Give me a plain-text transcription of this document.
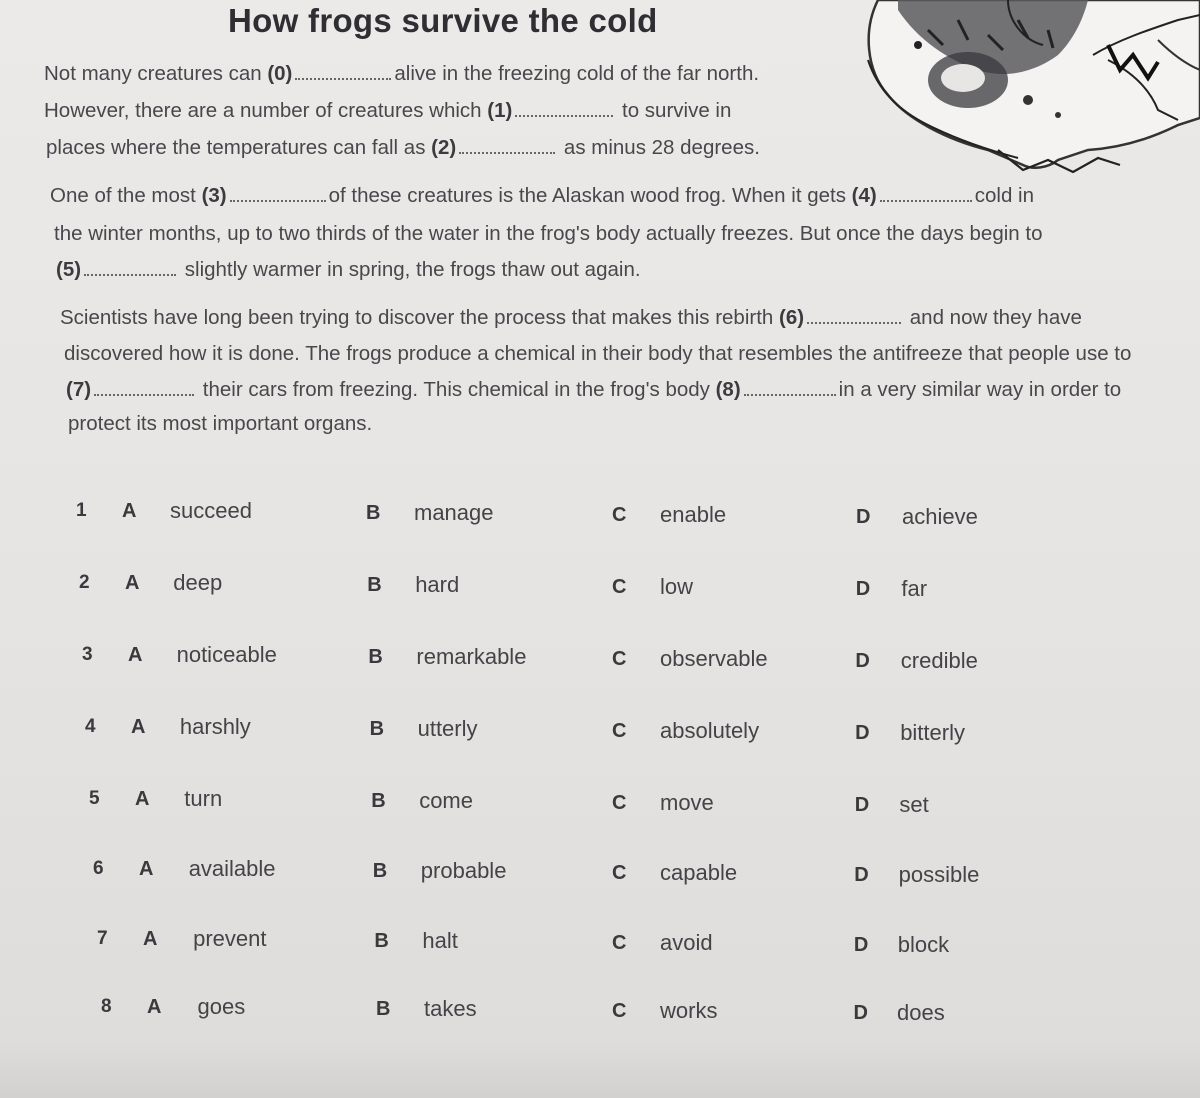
How frogs survive the cold
Not many creatures can (0)	alive in the freezing cold of the far north.
However, there are a number of creatures which (1)	to survive in
places where the temperatures can fall as (2)	as minus 28 degrees.
One of the most (3)	of these creatures is the Alaskan wood frog. When it gets (4)	cold in
the winter months, up to two thirds of the water in the frog's body actually freezes. But once the days begin to
(5)	slightly warmer in spring, the frogs thaw out again.
Scientists have long been trying to discover the process that makes this rebirth (6)	and now they have
discovered how it is done. The frogs produce a chemical in their body that resembles the antifreeze that people use to
(7)	their cars from freezing. This chemical in the frog's body (8)	in a very similar way in order to
protect its most important organs.
1 A succeed	B manage	C enable	D achieve
2 A deep	B hard	C low	D far
3 A noticeable	B remarkable	C observable	D credible
4 A harshly	B utterly	C absolutely	D bitterly
5 A turn	B come	C move	D set
6 A available	B probable	C capable	D possible
7 A prevent	B halt	C avoid	D block
8 A goes	B takes	C works	D does
